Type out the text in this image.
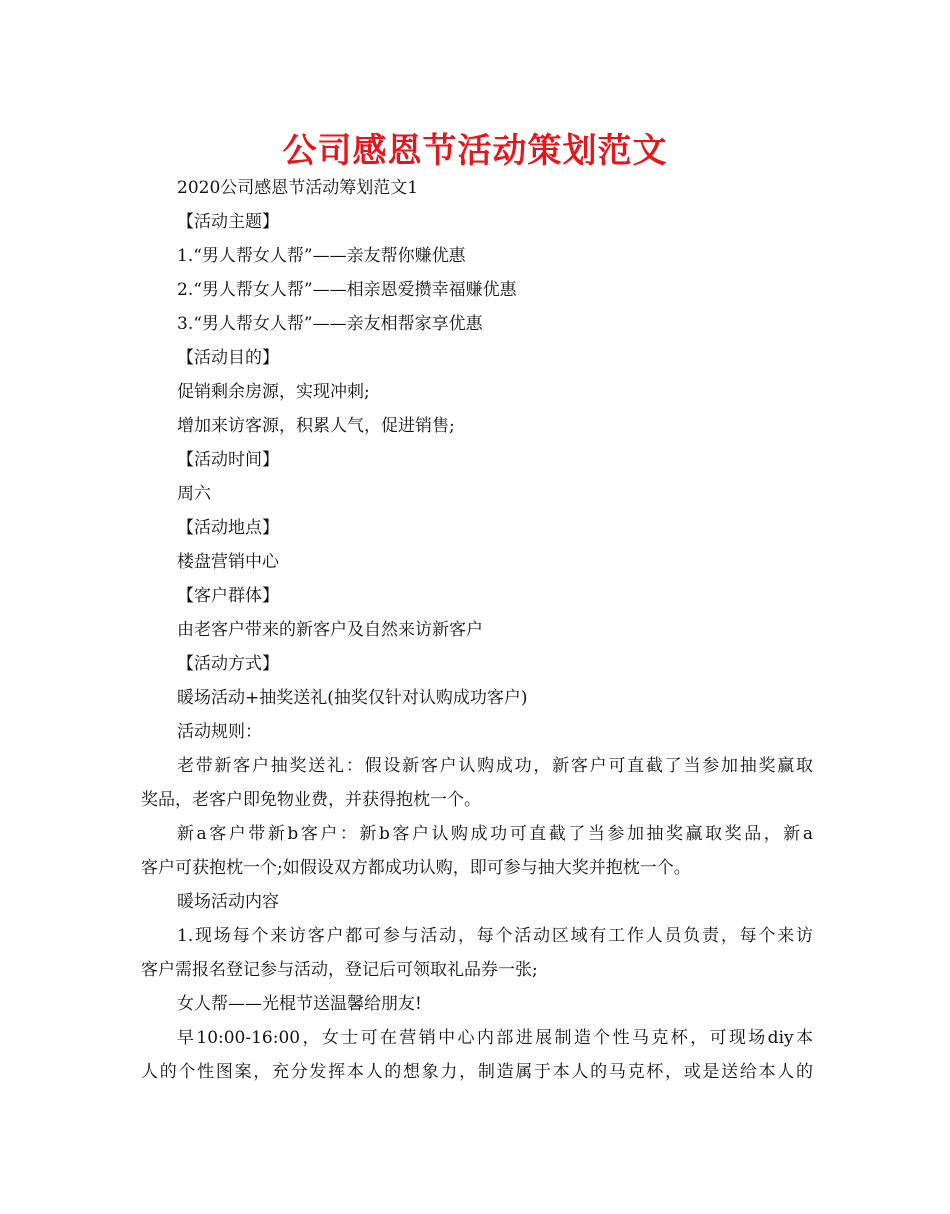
公司感恩节活动策划范文
2020公司感恩节活动筹划范文1
【活动主题】
1.“男人帮女人帮”——亲友帮你赚优惠
2.“男人帮女人帮”——相亲恩爱攒幸福赚优惠
3.“男人帮女人帮”——亲友相帮家享优惠
【活动目的】
促销剩余房源，实现冲刺;
增加来访客源，积累人气，促进销售;
【活动时间】
周六
【活动地点】
楼盘营销中心
【客户群体】
由老客户带来的新客户及自然来访新客户
【活动方式】
暖场活动+抽奖送礼(抽奖仅针对认购成功客户)
活动规则：
老带新客户抽奖送礼：假设新客户认购成功，新客户可直截了当参加抽奖赢取
奖品，老客户即免物业费，并获得抱枕一个。
新a客户带新b客户：新b客户认购成功可直截了当参加抽奖赢取奖品，新a
客户可获抱枕一个;如假设双方都成功认购，即可参与抽大奖并抱枕一个。
暖场活动内容
1.现场每个来访客户都可参与活动，每个活动区域有工作人员负责，每个来访
客户需报名登记参与活动，登记后可领取礼品券一张;
女人帮——光棍节送温馨给朋友!
早10:00-16:00，女士可在营销中心内部进展制造个性马克杯，可现场diy本
人的个性图案，充分发挥本人的想象力，制造属于本人的马克杯，或是送给本人的
